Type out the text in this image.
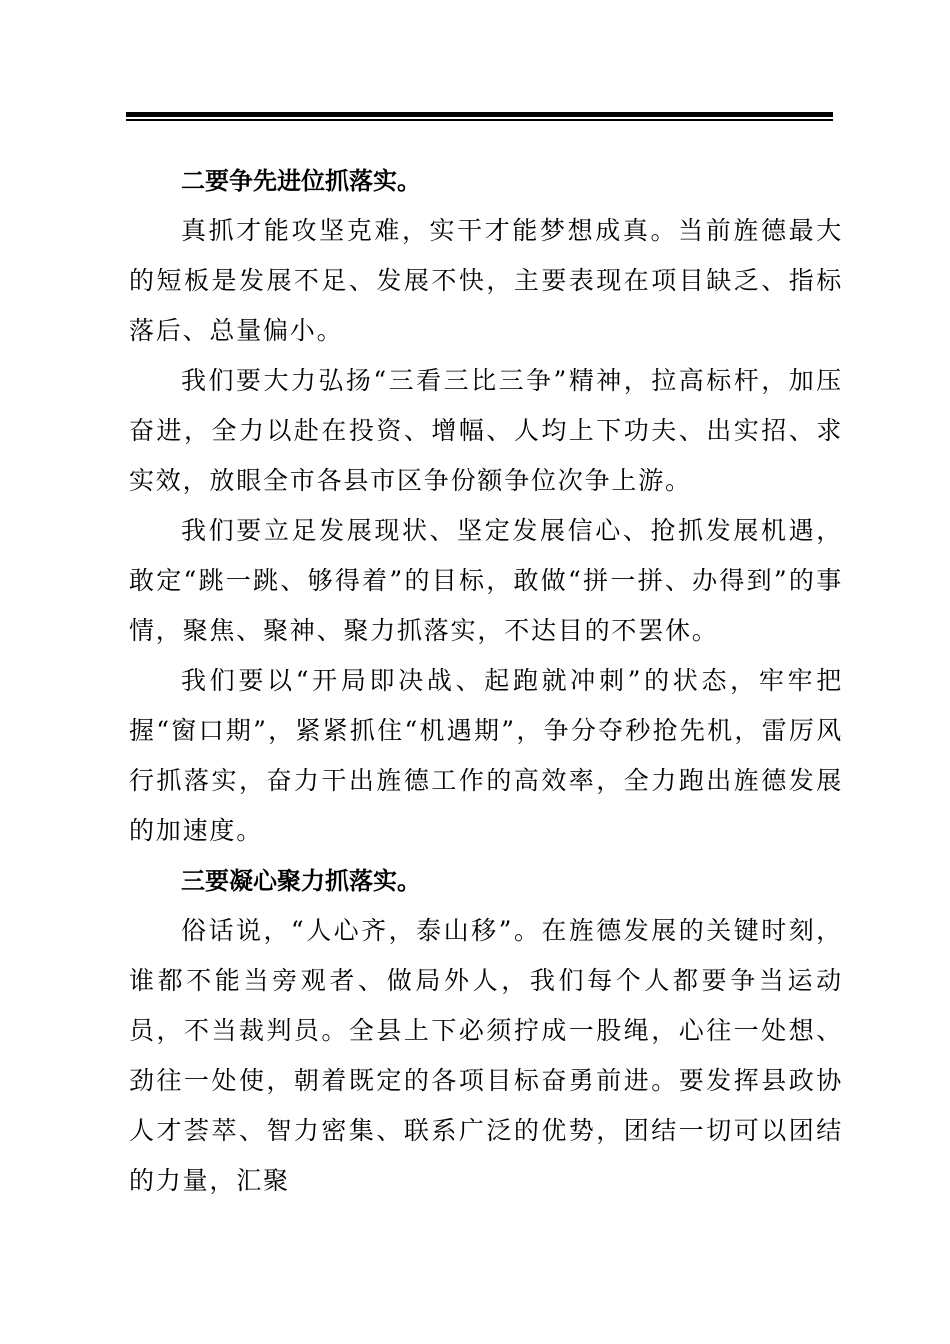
二要争先进位抓落实。

真抓才能攻坚克难，实干才能梦想成真。当前旌德最大的短板是发展不足、发展不快，主要表现在项目缺乏、指标落后、总量偏小。

我们要大力弘扬“三看三比三争”精神，拉高标杆，加压奋进，全力以赴在投资、增幅、人均上下功夫、出实招、求实效，放眼全市各县市区争份额争位次争上游。

我们要立足发展现状、坚定发展信心、抢抓发展机遇，敢定“跳一跳、够得着”的目标，敢做“拼一拼、办得到”的事情，聚焦、聚神、聚力抓落实，不达目的不罢休。

我们要以“开局即决战、起跑就冲刺”的状态，牢牢把握“窗口期”，紧紧抓住“机遇期”，争分夺秒抢先机，雷厉风行抓落实，奋力干出旌德工作的高效率，全力跑出旌德发展的加速度。

三要凝心聚力抓落实。

俗话说，“人心齐，泰山移”。在旌德发展的关键时刻，谁都不能当旁观者、做局外人，我们每个人都要争当运动员，不当裁判员。全县上下必须拧成一股绳，心往一处想、劲往一处使，朝着既定的各项目标奋勇前进。要发挥县政协人才荟萃、智力密集、联系广泛的优势，团结一切可以团结的力量，汇聚
